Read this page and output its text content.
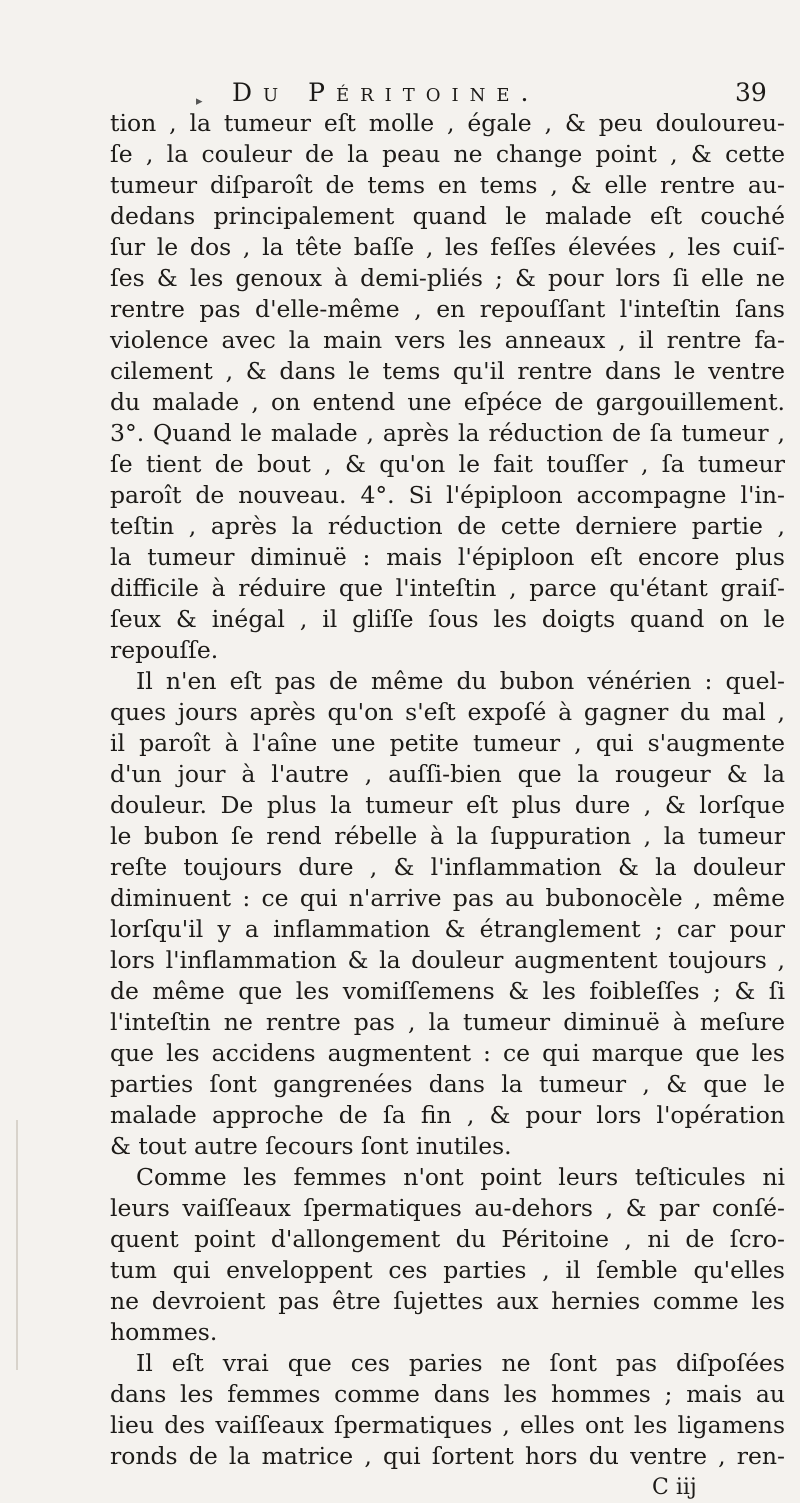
▸ Du Péritoine.	39
tion , la tumeur eſt molle , égale , & peu douloureu-
ſe , la couleur de la peau ne change point , & cette
tumeur diſparoît de tems en tems , & elle rentre au-
dedans principalement quand le malade eſt couché
ſur le dos , la tête baſſe , les feſſes élevées , les cuiſ-
ſes & les genoux à demi-pliés ; & pour lors ſi elle ne
rentre pas d'elle-même , en repouſſant l'inteſtin ſans
violence avec la main vers les anneaux , il rentre fa-
cilement , & dans le tems qu'il rentre dans le ventre
du malade , on entend une eſpéce de gargouillement.
3°. Quand le malade , après la réduction de ſa tumeur ,
ſe tient de bout , & qu'on le fait touſſer , ſa tumeur
paroît de nouveau. 4°. Si l'épiploon accompagne l'in-
teſtin , après la réduction de cette derniere partie ,
la tumeur diminuë : mais l'épiploon eſt encore plus
difficile à réduire que l'inteſtin , parce qu'étant graiſ-
ſeux & inégal , il gliſſe ſous les doigts quand on le
repouſſe.
Il n'en eſt pas de même du bubon vénérien : quel-
ques jours après qu'on s'eſt expoſé à gagner du mal ,
il paroît à l'aîne une petite tumeur , qui s'augmente
d'un jour à l'autre , auſſi-bien que la rougeur & la
douleur. De plus la tumeur eſt plus dure , & lorſque
le bubon ſe rend rébelle à la ſuppuration , la tumeur
reſte toujours dure , & l'inflammation & la douleur
diminuent : ce qui n'arrive pas au bubonocèle , même
lorſqu'il y a inflammation & étranglement ; car pour
lors l'inflammation & la douleur augmentent toujours ,
de même que les vomiſſemens & les foibleſſes ; & ſi
l'inteſtin ne rentre pas , la tumeur diminuë à meſure
que les accidens augmentent : ce qui marque que les
parties ſont gangrenées dans la tumeur , & que le
malade approche de ſa fin , & pour lors l'opération
& tout autre ſecours ſont inutiles.
Comme les femmes n'ont point leurs teſticules ni
leurs vaiſſeaux ſpermatiques au-dehors , & par conſé-
quent point d'allongement du Péritoine , ni de ſcro-
tum qui enveloppent ces parties , il ſemble qu'elles
ne devroient pas être ſujettes aux hernies comme les
hommes.
Il eſt vrai que ces paries ne ſont pas diſpoſées
dans les femmes comme dans les hommes ; mais au
lieu des vaiſſeaux ſpermatiques , elles ont les ligamens
ronds de la matrice , qui ſortent hors du ventre , ren-
C iij
